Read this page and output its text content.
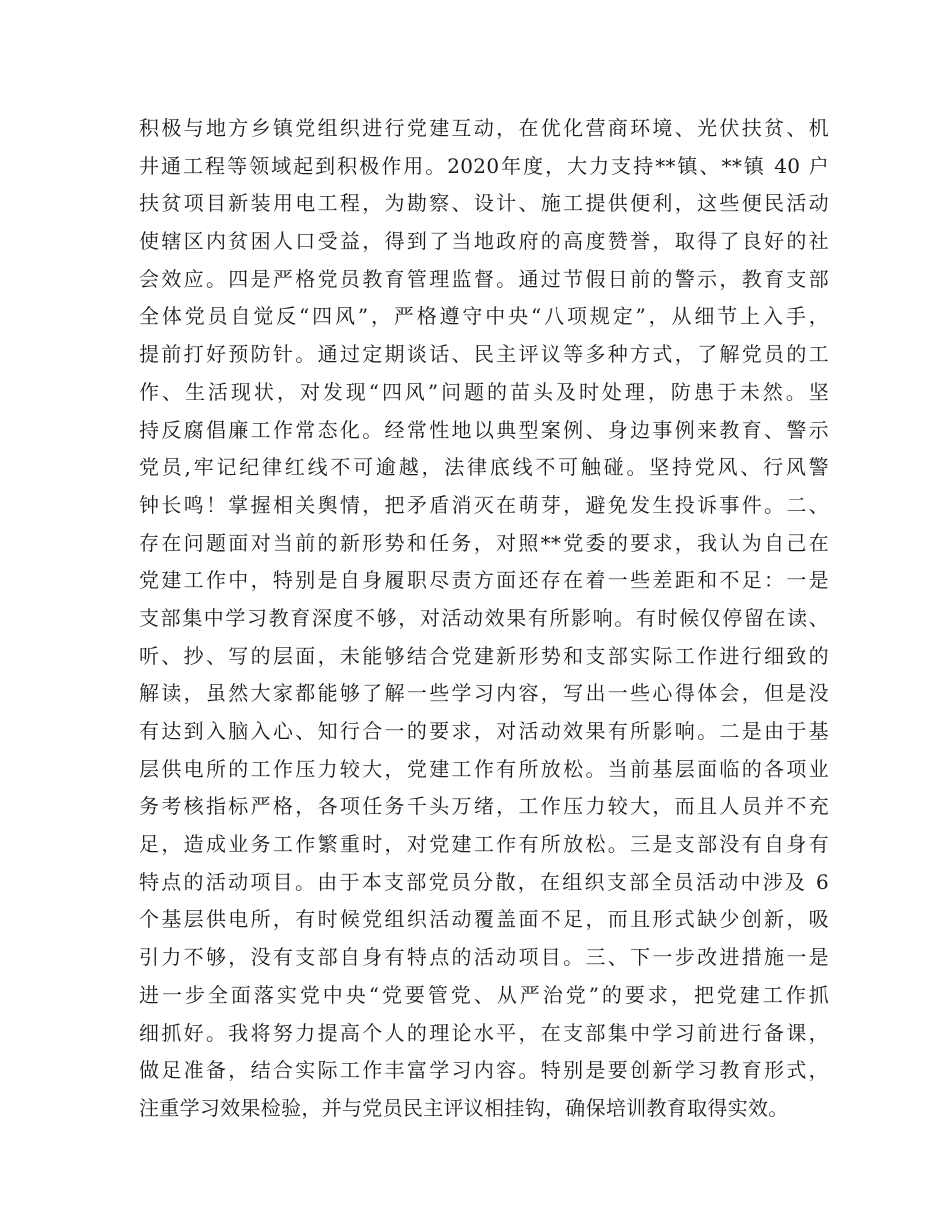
积极与地方乡镇党组织进行党建互动，在优化营商环境、光伏扶贫、机
井通工程等领域起到积极作用。2020年度，大力支持**镇、**镇 40 户
扶贫项目新装用电工程，为勘察、设计、施工提供便利，这些便民活动
使辖区内贫困人口受益，得到了当地政府的高度赞誉，取得了良好的社
会效应。四是严格党员教育管理监督。通过节假日前的警示，教育支部
全体党员自觉反“四风”，严格遵守中央“八项规定”，从细节上入手，
提前打好预防针。通过定期谈话、民主评议等多种方式，了解党员的工
作、生活现状，对发现“四风”问题的苗头及时处理，防患于未然。坚
持反腐倡廉工作常态化。经常性地以典型案例、身边事例来教育、警示
党员,牢记纪律红线不可逾越，法律底线不可触碰。坚持党风、行风警
钟长鸣！掌握相关舆情，把矛盾消灭在萌芽，避免发生投诉事件。二、
存在问题面对当前的新形势和任务，对照**党委的要求，我认为自己在
党建工作中，特别是自身履职尽责方面还存在着一些差距和不足：一是
支部集中学习教育深度不够，对活动效果有所影响。有时候仅停留在读、
听、抄、写的层面，未能够结合党建新形势和支部实际工作进行细致的
解读，虽然大家都能够了解一些学习内容，写出一些心得体会，但是没
有达到入脑入心、知行合一的要求，对活动效果有所影响。二是由于基
层供电所的工作压力较大，党建工作有所放松。当前基层面临的各项业
务考核指标严格，各项任务千头万绪，工作压力较大，而且人员并不充
足，造成业务工作繁重时，对党建工作有所放松。三是支部没有自身有
特点的活动项目。由于本支部党员分散，在组织支部全员活动中涉及 6
个基层供电所，有时候党组织活动覆盖面不足，而且形式缺少创新，吸
引力不够，没有支部自身有特点的活动项目。三、下一步改进措施一是
进一步全面落实党中央“党要管党、从严治党”的要求，把党建工作抓
细抓好。我将努力提高个人的理论水平，在支部集中学习前进行备课，
做足准备，结合实际工作丰富学习内容。特别是要创新学习教育形式，
注重学习效果检验，并与党员民主评议相挂钩，确保培训教育取得实效。
